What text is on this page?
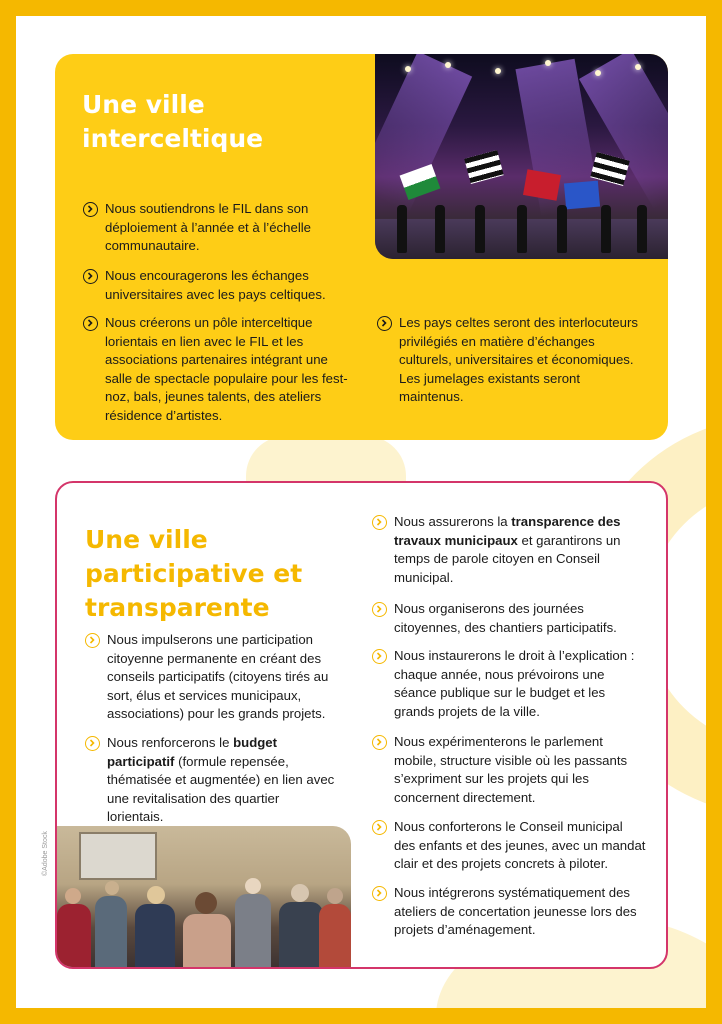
Une ville interceltique
Nous soutiendrons le FIL dans son déploiement à l’année et à l’échelle communautaire.
Nous encouragerons les échanges universitaires avec les pays celtiques.
Nous créerons un pôle interceltique lorientais en lien avec le FIL et les associations partenaires intégrant une salle de spectacle populaire pour les fest-noz, bals, jeunes talents, des ateliers résidence d’artistes.
Les pays celtes seront des interlocuteurs privilégiés en matière d’échanges culturels, universitaires et économiques. Les jumelages existants seront maintenus.
Une ville participative et transparente
Nous impulserons une participation citoyenne permanente en créant des conseils participatifs (citoyens tirés au sort, élus et services municipaux, associations) pour les grands projets.
Nous renforcerons le budget participatif (formule repensée, thématisée et augmentée) en lien avec une revitalisation des quartier lorientais.
Nous assurerons la transparence des travaux municipaux et garantirons un temps de parole citoyen en Conseil municipal.
Nous organiserons des journées citoyennes, des chantiers participatifs.
Nous instaurerons le droit à l’explication : chaque année, nous prévoirons une séance publique sur le budget et les grands projets de la ville.
Nous expérimenterons le parlement mobile, structure visible où les passants s’expriment sur les projets qui les concernent directement.
Nous conforterons le Conseil municipal des enfants et des jeunes, avec un mandat clair et des projets concrets à piloter.
Nous intégrerons systématiquement des ateliers de concertation jeunesse lors des projets d’aménagement.
©Adobe Stock
